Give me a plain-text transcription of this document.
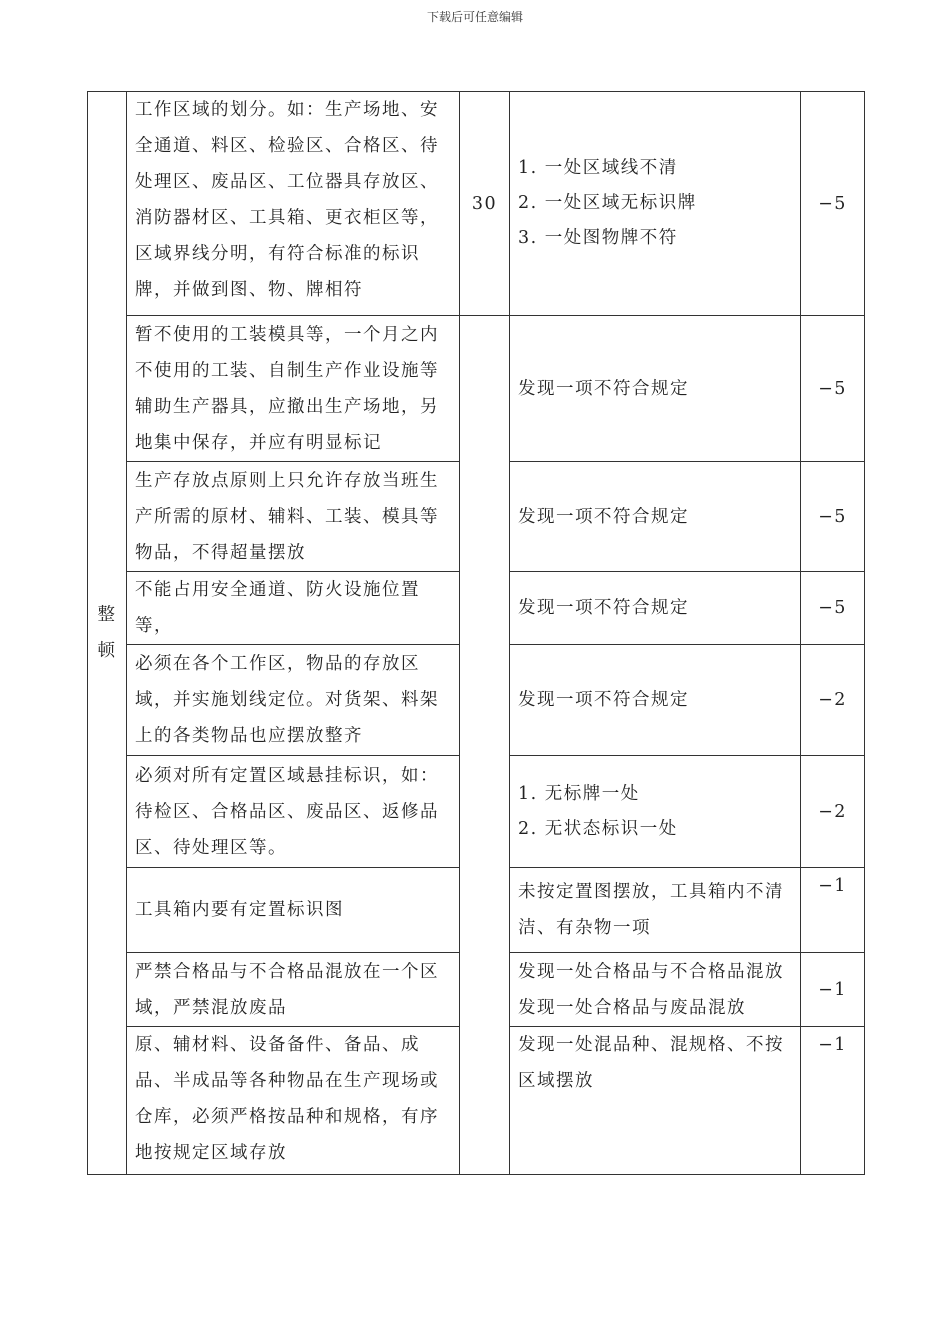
下载后可任意编辑
整
顿	工作区域的划分。如：生产场地、安全通道、料区、检验区、合格区、待处理区、废品区、工位器具存放区、消防器材区、工具箱、更衣柜区等，区域界线分明，有符合标准的标识牌，并做到图、物、牌相符	30	1. 一处区域线不清
2. 一处区域无标识牌
3. 一处图物牌不符	−5
	暂不使用的工装模具等，一个月之内不使用的工装、自制生产作业设施等辅助生产器具，应撤出生产场地，另地集中保存，并应有明显标记		发现一项不符合规定	−5
	生产存放点原则上只允许存放当班生产所需的原材、辅料、工装、模具等物品，不得超量摆放		发现一项不符合规定	−5
	不能占用安全通道、防火设施位置等，		发现一项不符合规定	−5
	必须在各个工作区，物品的存放区域，并实施划线定位。对货架、料架上的各类物品也应摆放整齐		发现一项不符合规定	−2
	必须对所有定置区域悬挂标识，如：待检区、合格品区、废品区、返修品区、待处理区等。		1. 无标牌一处
2. 无状态标识一处	−2
	工具箱内要有定置标识图		未按定置图摆放，工具箱内不清洁、有杂物一项	−1
	严禁合格品与不合格品混放在一个区域，严禁混放废品		发现一处合格品与不合格品混放
发现一处合格品与废品混放	−1
	原、辅材料、设备备件、备品、成品、半成品等各种物品在生产现场或仓库，必须严格按品种和规格，有序地按规定区域存放		发现一处混品种、混规格、不按区域摆放	−1
